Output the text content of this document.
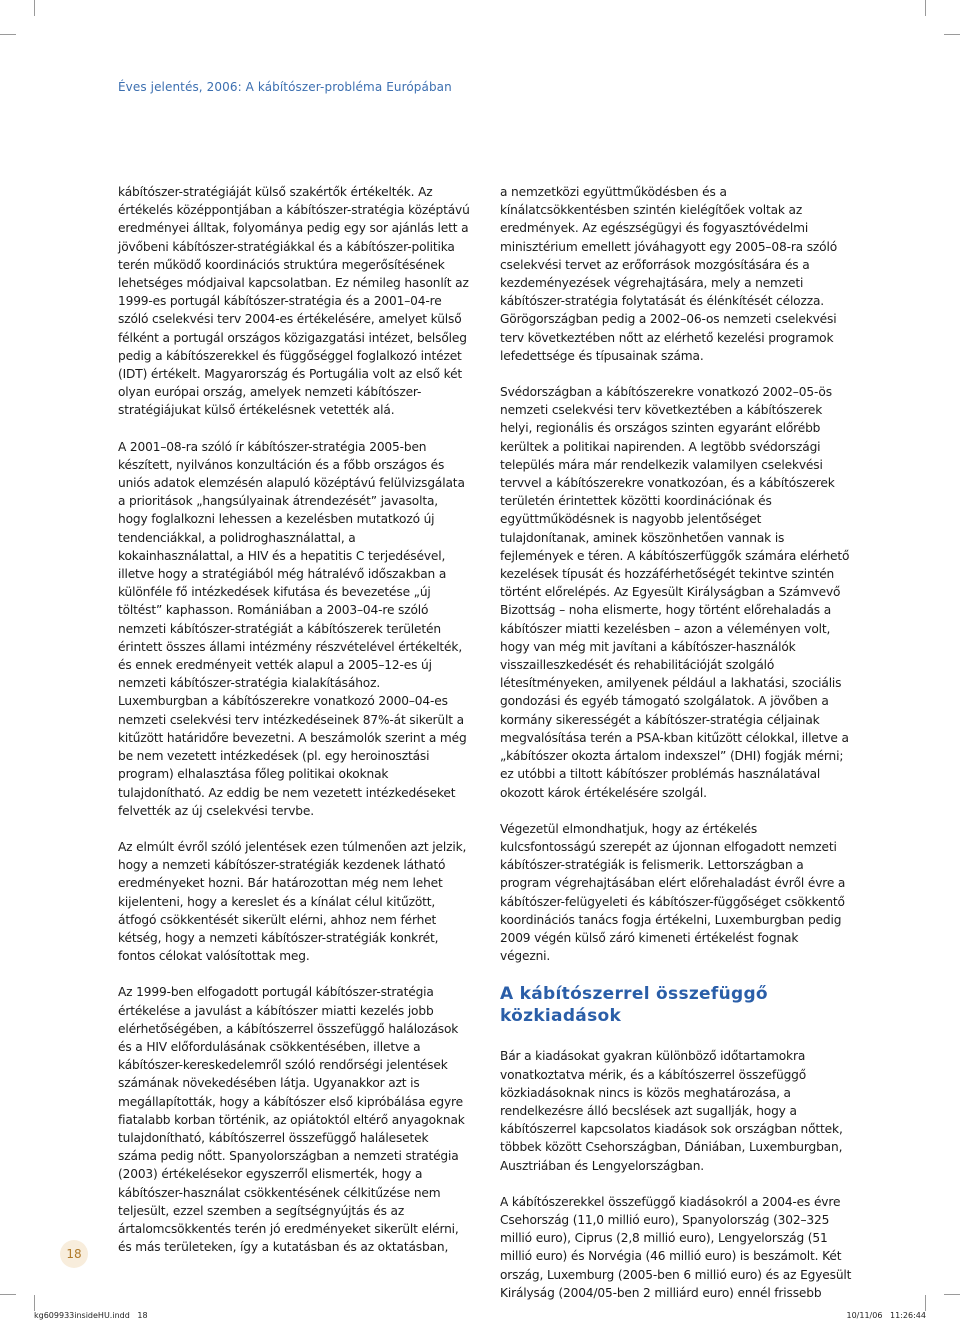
Éves jelentés, 2006: A kábítószer-probléma Európában

kábítószer-stratégiáját külső szakértők értékelték. Az értékelés középpontjában a kábítószer-stratégia középtávú eredményei álltak, folyománya pedig egy sor ajánlás lett a jövőbeni kábítószer-stratégiákkal és a kábítószer-politika terén működő koordinációs struktúra megerősítésének lehetséges módjaival kapcsolatban. Ez némileg hasonlít az 1999-es portugál kábítószer-stratégia és a 2001–04-re szóló cselekvési terv 2004-es értékelésére, amelyet külső félként a portugál országos közigazgatási intézet, belsőleg pedig a kábítószerekkel és függőséggel foglalkozó intézet (IDT) értékelt. Magyarország és Portugália volt az első két olyan európai ország, amelyek nemzeti kábítószer-stratégiájukat külső értékelésnek vetették alá.

A 2001–08-ra szóló ír kábítószer-stratégia 2005-ben készített, nyilvános konzultáción és a főbb országos és uniós adatok elemzésén alapuló középtávú felülvizsgálata a prioritások „hangsúlyainak átrendezését” javasolta, hogy foglalkozni lehessen a kezelésben mutatkozó új tendenciákkal, a polidroghasználattal, a kokainhasználattal, a HIV és a hepatitis C terjedésével, illetve hogy a stratégiából még hátralévő időszakban a különféle fő intézkedések kifutása és bevezetése „új töltést” kaphasson. Romániában a 2003–04-re szóló nemzeti kábítószer-stratégiát a kábítószerek területén érintett összes állami intézmény részvételével értékelték, és ennek eredményeit vették alapul a 2005–12-es új nemzeti kábítószer-stratégia kialakításához. Luxemburgban a kábítószerekre vonatkozó 2000–04-es nemzeti cselekvési terv intézkedéseinek 87%-át sikerült a kitűzött határidőre bevezetni. A beszámolók szerint a még be nem vezetett intézkedések (pl. egy heroinosztási program) elhalasztása főleg politikai okoknak tulajdonítható. Az eddig be nem vezetett intézkedéseket felvették az új cselekvési tervbe.

Az elmúlt évről szóló jelentések ezen túlmenően azt jelzik, hogy a nemzeti kábítószer-stratégiák kezdenek látható eredményeket hozni. Bár határozottan még nem lehet kijelenteni, hogy a kereslet és a kínálat célul kitűzött, átfogó csökkentését sikerült elérni, ahhoz nem férhet kétség, hogy a nemzeti kábítószer-stratégiák konkrét, fontos célokat valósítottak meg.

Az 1999-ben elfogadott portugál kábítószer-stratégia értékelése a javulást a kábítószer miatti kezelés jobb elérhetőségében, a kábítószerrel összefüggő halálozások és a HIV előfordulásának csökkentésében, illetve a kábítószer-kereskedelemről szóló rendőrségi jelentések számának növekedésében látja. Ugyanakkor azt is megállapították, hogy a kábítószer első kipróbálása egyre fiatalabb korban történik, az opiátoktól eltérő anyagoknak tulajdonítható, kábítószerrel összefüggő halálesetek száma pedig nőtt. Spanyolországban a nemzeti stratégia (2003) értékelésekor egyszerről elismerték, hogy a kábítószer-használat csökkentésének célkitűzése nem teljesült, ezzel szemben a segítségnyújtás és az ártalomcsökkentés terén jó eredményeket sikerült elérni, és más területeken, így a kutatásban és az oktatásban,

a nemzetközi együttműködésben és a kínálatcsökkentésben szintén kielégítőek voltak az eredmények. Az egészségügyi és fogyasztóvédelmi minisztérium emellett jóváhagyott egy 2005–08-ra szóló cselekvési tervet az erőforrások mozgósítására és a kezdeményezések végrehajtására, mely a nemzeti kábítószer-stratégia folytatását és élénkítését célozza. Görögországban pedig a 2002–06-os nemzeti cselekvési terv következtében nőtt az elérhető kezelési programok lefedettsége és típusainak száma.

Svédországban a kábítószerekre vonatkozó 2002–05-ös nemzeti cselekvési terv következtében a kábítószerek helyi, regionális és országos szinten egyaránt előrébb kerültek a politikai napirenden. A legtöbb svédországi település mára már rendelkezik valamilyen cselekvési tervvel a kábítószerekre vonatkozóan, és a kábítószerek területén érintettek közötti koordinációnak és együttműködésnek is nagyobb jelentőséget tulajdonítanak, aminek köszönhetően vannak is fejlemények e téren. A kábítószerfüggők számára elérhető kezelések típusát és hozzáférhetőségét tekintve szintén történt előrelépés. Az Egyesült Királyságban a Számvevő Bizottság – noha elismerte, hogy történt előrehaladás a kábítószer miatti kezelésben – azon a véleményen volt, hogy van még mit javítani a kábítószer-használók visszailleszkedését és rehabilitációját szolgáló létesítményeken, amilyenek például a lakhatási, szociális gondozási és egyéb támogató szolgálatok. A jövőben a kormány sikerességét a kábítószer-stratégia céljainak megvalósítása terén a PSA-kban kitűzött célokkal, illetve a „kábítószer okozta ártalom indexszel” (DHI) fogják mérni; ez utóbbi a tiltott kábítószer problémás használatával okozott károk értékelésére szolgál.

Végezetül elmondhatjuk, hogy az értékelés kulcsfontosságú szerepét az újonnan elfogadott nemzeti kábítószer-stratégiák is felismerik. Lettországban a program végrehajtásában elért előrehaladást évről évre a kábítószer-felügyeleti és kábítószer-függőséget csökkentő koordinációs tanács fogja értékelni, Luxemburgban pedig 2009 végén külső záró kimeneti értékelést fognak végezni.

A kábítószerrel összefüggő közkiadások

Bár a kiadásokat gyakran különböző időtartamokra vonatkoztatva mérik, és a kábítószerrel összefüggő közkiadásoknak nincs is közös meghatározása, a rendelkezésre álló becslések azt sugallják, hogy a kábítószerrel kapcsolatos kiadások sok országban nőttek, többek között Csehországban, Dániában, Luxemburgban, Ausztriában és Lengyelországban.

A kábítószerekkel összefüggő kiadásokról a 2004-es évre Csehország (11,0 millió euro), Spanyolország (302–325 millió euro), Ciprus (2,8 millió euro), Lengyelország (51 millió euro) és Norvégia (46 millió euro) is beszámolt. Két ország, Luxemburg (2005-ben 6 millió euro) és az Egyesült Királyság (2004/05-ben 2 milliárd euro) ennél frissebb

18
kg609933insideHU.indd   18	10/11/06   11:26:44
